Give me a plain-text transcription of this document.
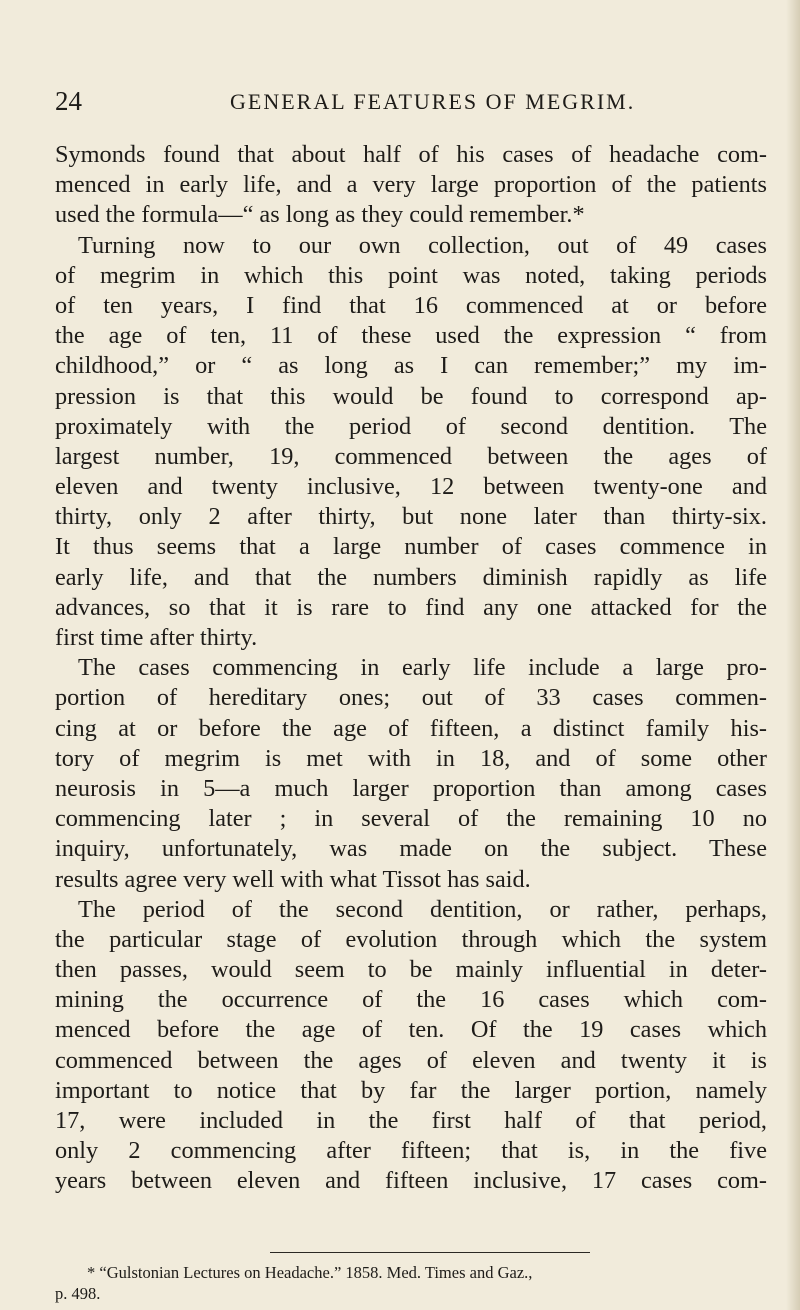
24	GENERAL FEATURES OF MEGRIM.
Symonds found that about half of his cases of headache com-
menced in early life, and a very large proportion of the patients
used the formula—“ as long as they could remember.*
Turning now to our own collection, out of 49 cases
of megrim in which this point was noted, taking periods
of ten years, I find that 16 commenced at or before
the age of ten, 11 of these used the expression “ from
childhood,” or “ as long as I can remember;” my im-
pression is that this would be found to correspond ap-
proximately with the period of second dentition. The
largest number, 19, commenced between the ages of
eleven and twenty inclusive, 12 between twenty-one and
thirty, only 2 after thirty, but none later than thirty-six.
It thus seems that a large number of cases commence in
early life, and that the numbers diminish rapidly as life
advances, so that it is rare to find any one attacked for the
first time after thirty.
The cases commencing in early life include a large pro-
portion of hereditary ones; out of 33 cases commen-
cing at or before the age of fifteen, a distinct family his-
tory of megrim is met with in 18, and of some other
neurosis in 5—a much larger proportion than among cases
commencing later ; in several of the remaining 10 no
inquiry, unfortunately, was made on the subject. These
results agree very well with what Tissot has said.
The period of the second dentition, or rather, perhaps,
the particular stage of evolution through which the system
then passes, would seem to be mainly influential in deter-
mining the occurrence of the 16 cases which com-
menced before the age of ten. Of the 19 cases which
commenced between the ages of eleven and twenty it is
important to notice that by far the larger portion, namely
17, were included in the first half of that period,
only 2 commencing after fifteen; that is, in the five
years between eleven and fifteen inclusive, 17 cases com-
* “Gulstonian Lectures on Headache.” 1858. Med. Times and Gaz.,
p. 498.
